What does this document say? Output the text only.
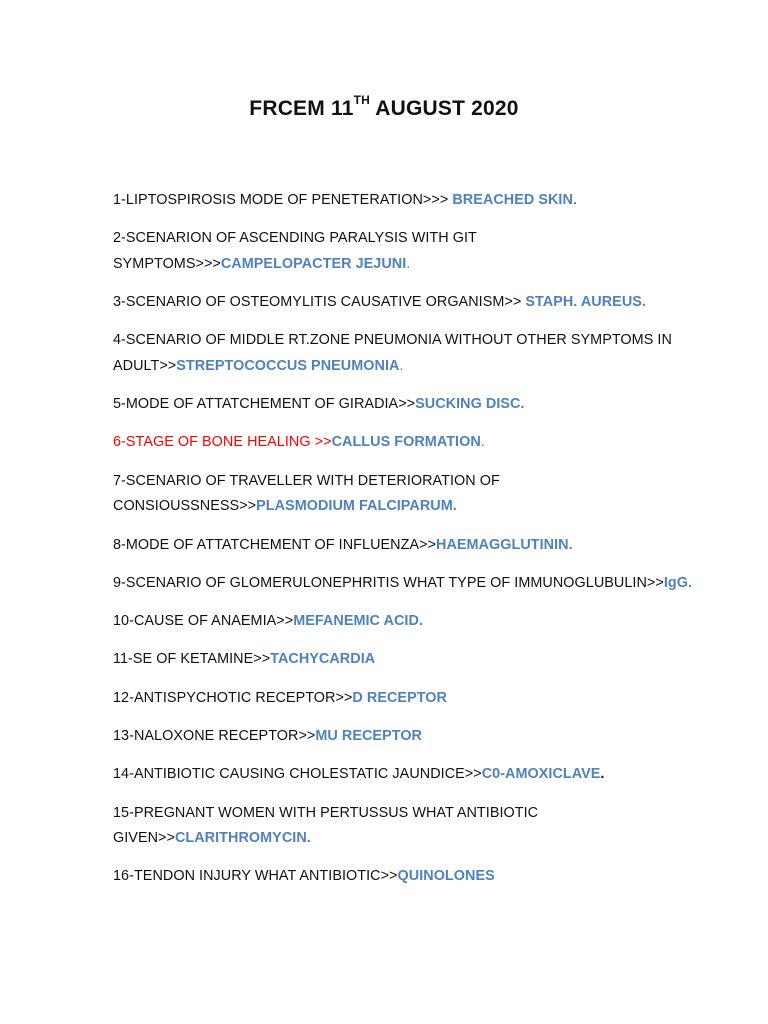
FRCEM 11TH AUGUST 2020
1-LIPTOSPIROSIS MODE OF PENETERATION>>> BREACHED SKIN.
2-SCENARION OF ASCENDING PARALYSIS WITH GIT SYMPTOMS>>>CAMPELOPACTER JEJUNI.
3-SCENARIO OF OSTEOMYLITIS CAUSATIVE ORGANISM>> STAPH. AUREUS.
4-SCENARIO OF MIDDLE RT.ZONE PNEUMONIA WITHOUT OTHER SYMPTOMS IN ADULT>>STREPTOCOCCUS PNEUMONIA.
5-MODE OF ATTATCHEMENT OF GIRADIA>>SUCKING DISC.
6-STAGE OF BONE HEALING >>CALLUS FORMATION.
7-SCENARIO OF TRAVELLER WITH DETERIORATION OF CONSIOUSSNESS>>PLASMODIUM FALCIPARUM.
8-MODE OF ATTATCHEMENT OF INFLUENZA>>HAEMAGGLUTININ.
9-SCENARIO OF GLOMERULONEPHRITIS WHAT TYPE OF IMMUNOGLUBULIN>>IgG.
10-CAUSE OF ANAEMIA>>MEFANEMIC ACID.
11-SE OF KETAMINE>>TACHYCARDIA
12-ANTISPYCHOTIC RECEPTOR>>D RECEPTOR
13-NALOXONE RECEPTOR>>MU RECEPTOR
14-ANTIBIOTIC CAUSING CHOLESTATIC JAUNDICE>>C0-AMOXICLAVE.
15-PREGNANT WOMEN WITH PERTUSSUS WHAT ANTIBIOTIC GIVEN>>CLARITHROMYCIN.
16-TENDON INJURY WHAT ANTIBIOTIC>>QUINOLONES
